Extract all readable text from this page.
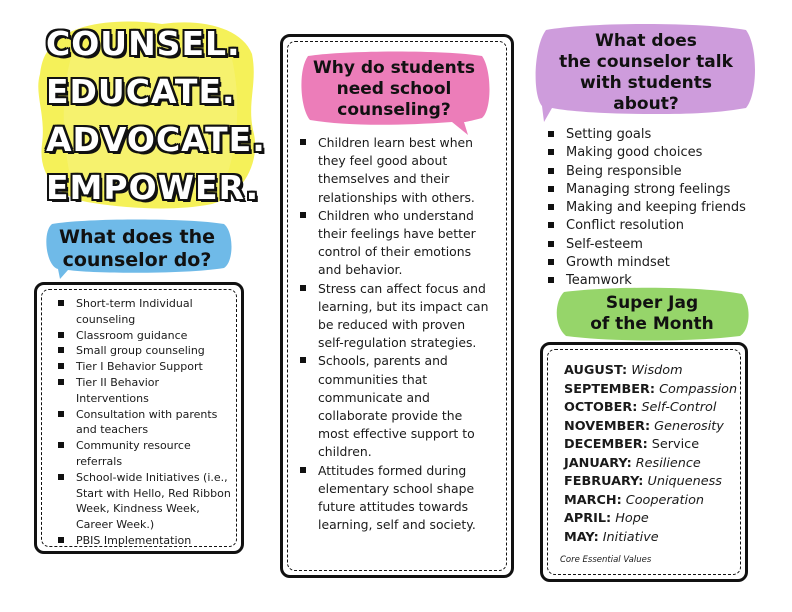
COUNSEL.
EDUCATE.
ADVOCATE.
EMPOWER.
What does the
counselor do?
Short-term Individual counseling
Classroom guidance
Small group counseling
Tier I Behavior Support
Tier II Behavior Interventions
Consultation with parents and teachers
Community resource referrals
School-wide Initiatives (i.e., Start with Hello, Red Ribbon Week, Kindness Week, Career Week.)
PBIS Implementation
Why do students
need school
counseling?
Children learn best when they feel good about themselves and their relationships with others.
Children who understand their feelings have better control of their emotions and behavior.
Stress can affect focus and learning, but its impact can be reduced with proven self-regulation strategies.
Schools, parents and communities that communicate and collaborate provide the most effective support to children.
Attitudes formed during elementary school shape future attitudes towards learning, self and society.
What does
the counselor talk
with students
about?
Setting goals
Making good choices
Being responsible
Managing strong feelings
Making and keeping friends
Conflict resolution
Self-esteem
Growth mindset
Teamwork
Super Jag
of the Month
AUGUST: Wisdom
SEPTEMBER: Compassion
OCTOBER: Self-Control
NOVEMBER: Generosity
DECEMBER: Service
JANUARY: Resilience
FEBRUARY: Uniqueness
MARCH: Cooperation
APRIL: Hope
MAY: Initiative
Core Essential Values
